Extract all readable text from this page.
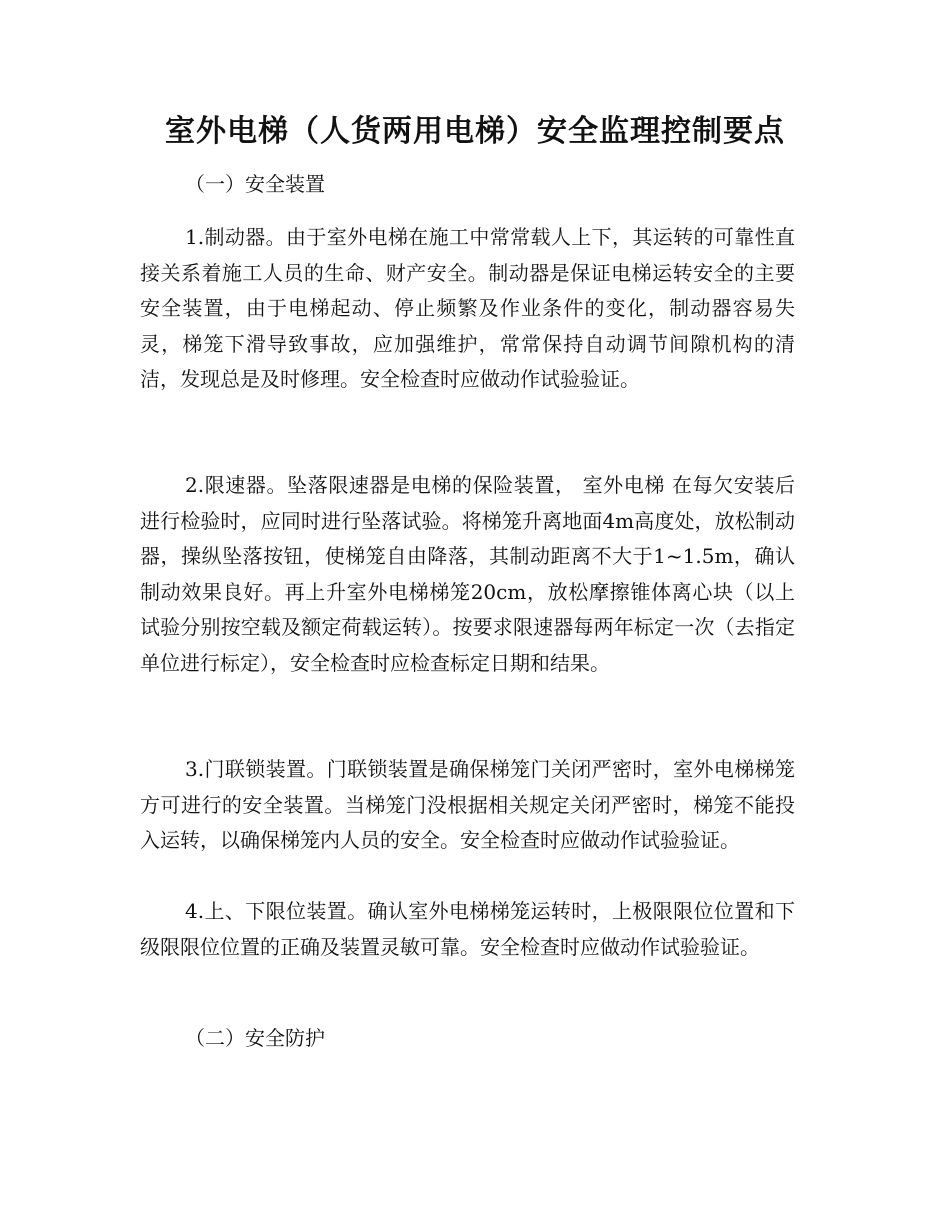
室外电梯（人货两用电梯）安全监理控制要点

（一）安全装置

1.制动器。由于室外电梯在施工中常常载人上下，其运转的可靠性直接关系着施工人员的生命、财产安全。制动器是保证电梯运转安全的主要安全装置，由于电梯起动、停止频繁及作业条件的变化，制动器容易失灵，梯笼下滑导致事故，应加强维护，常常保持自动调节间隙机构的清洁，发现总是及时修理。安全检查时应做动作试验验证。

2.限速器。坠落限速器是电梯的保险装置， 室外电梯 在每欠安装后进行检验时，应同时进行坠落试验。将梯笼升离地面4m高度处，放松制动器，操纵坠落按钮，使梯笼自由降落，其制动距离不大于1~1.5m，确认制动效果良好。再上升室外电梯梯笼20cm，放松摩擦锥体离心块（以上试验分别按空载及额定荷载运转）。按要求限速器每两年标定一次（去指定单位进行标定），安全检查时应检查标定日期和结果。

3.门联锁装置。门联锁装置是确保梯笼门关闭严密时，室外电梯梯笼方可进行的安全装置。当梯笼门没根据相关规定关闭严密时，梯笼不能投入运转，以确保梯笼内人员的安全。安全检查时应做动作试验验证。

4.上、下限位装置。确认室外电梯梯笼运转时，上极限限位位置和下级限限位位置的正确及装置灵敏可靠。安全检查时应做动作试验验证。

（二）安全防护
